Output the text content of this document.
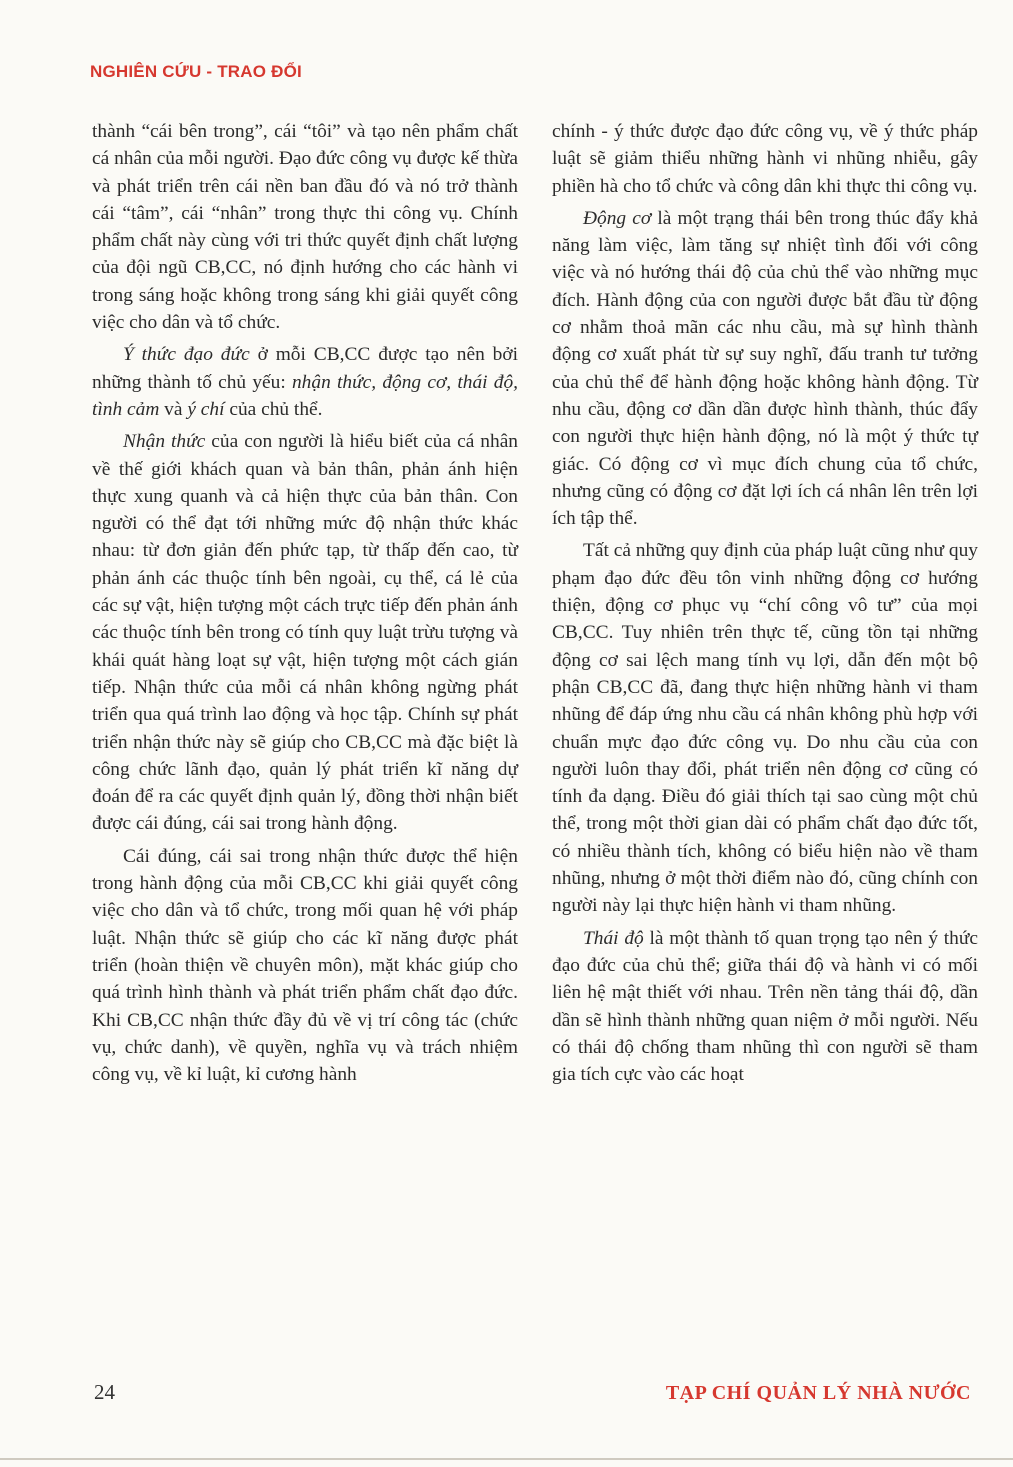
NGHIÊN CỨU - TRAO ĐỔI

thành “cái bên trong”, cái “tôi” và tạo nên phẩm chất cá nhân của mỗi người. Đạo đức công vụ được kế thừa và phát triển trên cái nền ban đầu đó và nó trở thành cái “tâm”, cái “nhân” trong thực thi công vụ. Chính phẩm chất này cùng với tri thức quyết định chất lượng của đội ngũ CB,CC, nó định hướng cho các hành vi trong sáng hoặc không trong sáng khi giải quyết công việc cho dân và tổ chức.

Ý thức đạo đức ở mỗi CB,CC được tạo nên bởi những thành tố chủ yếu: nhận thức, động cơ, thái độ, tình cảm và ý chí của chủ thể.

Nhận thức của con người là hiểu biết của cá nhân về thế giới khách quan và bản thân, phản ánh hiện thực xung quanh và cả hiện thực của bản thân. Con người có thể đạt tới những mức độ nhận thức khác nhau: từ đơn giản đến phức tạp, từ thấp đến cao, từ phản ánh các thuộc tính bên ngoài, cụ thể, cá lẻ của các sự vật, hiện tượng một cách trực tiếp đến phản ánh các thuộc tính bên trong có tính quy luật trừu tượng và khái quát hàng loạt sự vật, hiện tượng một cách gián tiếp. Nhận thức của mỗi cá nhân không ngừng phát triển qua quá trình lao động và học tập. Chính sự phát triển nhận thức này sẽ giúp cho CB,CC mà đặc biệt là công chức lãnh đạo, quản lý phát triển kĩ năng dự đoán để ra các quyết định quản lý, đồng thời nhận biết được cái đúng, cái sai trong hành động.

Cái đúng, cái sai trong nhận thức được thể hiện trong hành động của mỗi CB,CC khi giải quyết công việc cho dân và tổ chức, trong mối quan hệ với pháp luật. Nhận thức sẽ giúp cho các kĩ năng được phát triển (hoàn thiện về chuyên môn), mặt khác giúp cho quá trình hình thành và phát triển phẩm chất đạo đức. Khi CB,CC nhận thức đầy đủ về vị trí công tác (chức vụ, chức danh), về quyền, nghĩa vụ và trách nhiệm công vụ, về kỉ luật, kỉ cương hành

chính - ý thức được đạo đức công vụ, về ý thức pháp luật sẽ giảm thiểu những hành vi nhũng nhiễu, gây phiền hà cho tổ chức và công dân khi thực thi công vụ.

Động cơ là một trạng thái bên trong thúc đẩy khả năng làm việc, làm tăng sự nhiệt tình đối với công việc và nó hướng thái độ của chủ thể vào những mục đích. Hành động của con người được bắt đầu từ động cơ nhằm thoả mãn các nhu cầu, mà sự hình thành động cơ xuất phát từ sự suy nghĩ, đấu tranh tư tưởng của chủ thể để hành động hoặc không hành động. Từ nhu cầu, động cơ dần dần được hình thành, thúc đẩy con người thực hiện hành động, nó là một ý thức tự giác. Có động cơ vì mục đích chung của tổ chức, nhưng cũng có động cơ đặt lợi ích cá nhân lên trên lợi ích tập thể.

Tất cả những quy định của pháp luật cũng như quy phạm đạo đức đều tôn vinh những động cơ hướng thiện, động cơ phục vụ “chí công vô tư” của mọi CB,CC. Tuy nhiên trên thực tế, cũng tồn tại những động cơ sai lệch mang tính vụ lợi, dẫn đến một bộ phận CB,CC đã, đang thực hiện những hành vi tham nhũng để đáp ứng nhu cầu cá nhân không phù hợp với chuẩn mực đạo đức công vụ. Do nhu cầu của con người luôn thay đổi, phát triển nên động cơ cũng có tính đa dạng. Điều đó giải thích tại sao cùng một chủ thể, trong một thời gian dài có phẩm chất đạo đức tốt, có nhiều thành tích, không có biểu hiện nào về tham nhũng, nhưng ở một thời điểm nào đó, cũng chính con người này lại thực hiện hành vi tham nhũng.

Thái độ là một thành tố quan trọng tạo nên ý thức đạo đức của chủ thể; giữa thái độ và hành vi có mối liên hệ mật thiết với nhau. Trên nền tảng thái độ, dần dần sẽ hình thành những quan niệm ở mỗi người. Nếu có thái độ chống tham nhũng thì con người sẽ tham gia tích cực vào các hoạt

24	TẠP CHÍ QUẢN LÝ NHÀ NƯỚC
